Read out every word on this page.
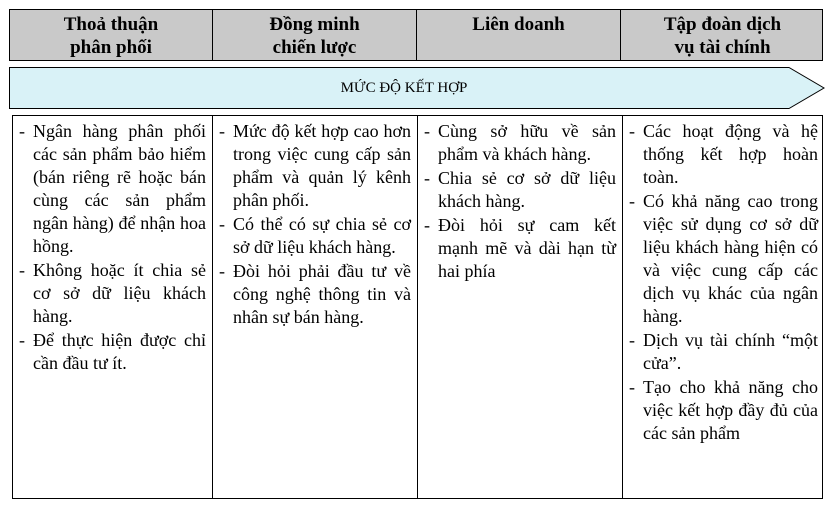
Thoả thuận
phân phối
Đồng minh
chiến lược
Liên doanh	Tập đoàn dịch
vụ tài chính
MỨC ĐỘ KẾT HỢP
- Ngân hàng phân phối các sản phẩm bảo hiểm (bán riêng rẽ hoặc bán cùng các sản phẩm ngân hàng) để nhận hoa hồng.
- Không hoặc ít chia sẻ cơ sở dữ liệu khách hàng.
- Để thực hiện được chỉ cần đầu tư ít.
- Mức độ kết hợp cao hơn trong việc cung cấp sản phẩm và quản lý kênh phân phối.
- Có thể có sự chia sẻ cơ sở dữ liệu khách hàng.
- Đòi hỏi phải đầu tư về công nghệ thông tin và nhân sự bán hàng.
- Cùng sở hữu về sản phẩm và khách hàng.
- Chia sẻ cơ sở dữ liệu khách hàng.
- Đòi hỏi sự cam kết mạnh mẽ và dài hạn từ hai phía
- Các hoạt động và hệ thống kết hợp hoàn toàn.
- Có khả năng cao trong việc sử dụng cơ sở dữ liệu khách hàng hiện có và việc cung cấp các dịch vụ khác của ngân hàng.
- Dịch vụ tài chính “một cửa”.
- Tạo cho khả năng cho việc kết hợp đầy đủ của các sản phẩm
